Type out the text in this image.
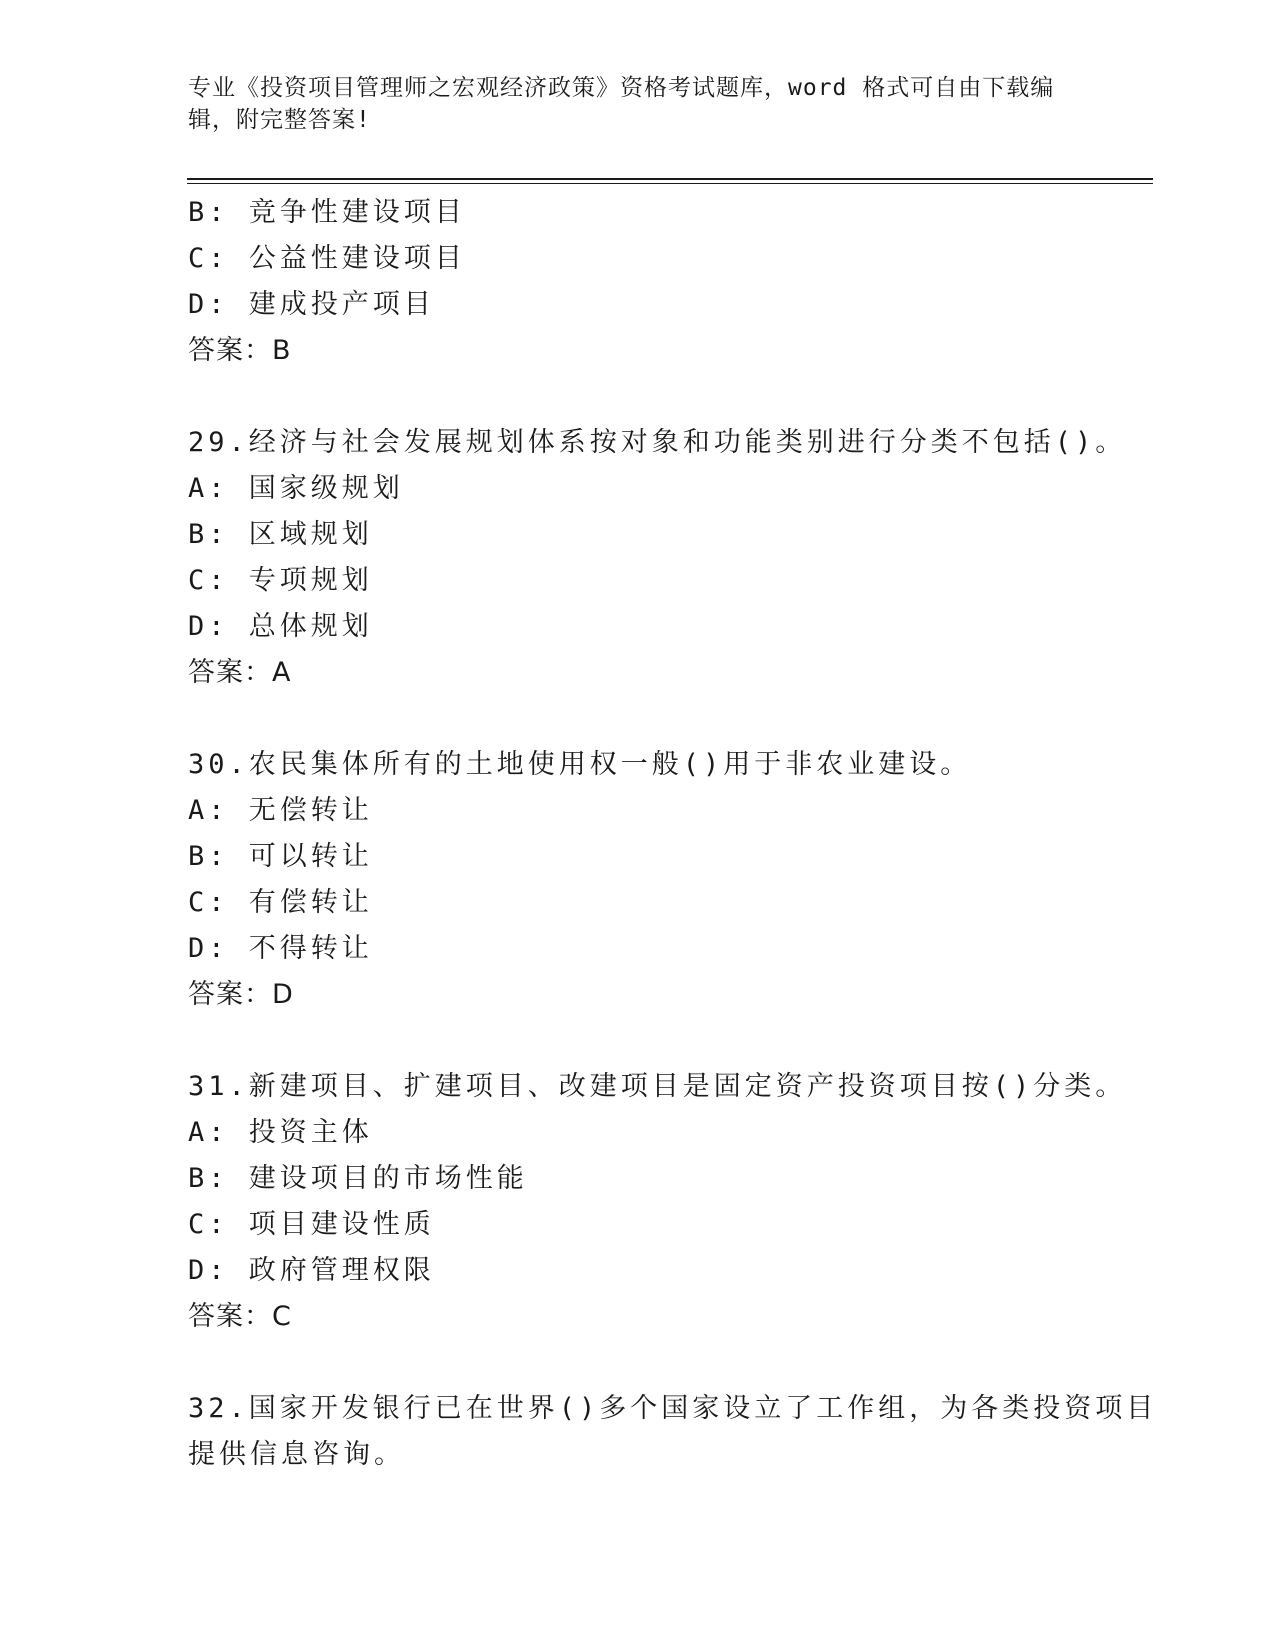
专业《投资项目管理师之宏观经济政策》资格考试题库，word 格式可自由下载编
辑，附完整答案!
B: 竞争性建设项目
C: 公益性建设项目
D: 建成投产项目
答案：B
29.经济与社会发展规划体系按对象和功能类别进行分类不包括()。
A: 国家级规划
B: 区域规划
C: 专项规划
D: 总体规划
答案：A
30.农民集体所有的土地使用权一般()用于非农业建设。
A: 无偿转让
B: 可以转让
C: 有偿转让
D: 不得转让
答案：D
31.新建项目、扩建项目、改建项目是固定资产投资项目按()分类。
A: 投资主体
B: 建设项目的市场性能
C: 项目建设性质
D: 政府管理权限
答案：C
32.国家开发银行已在世界()多个国家设立了工作组，为各类投资项目
提供信息咨询。
